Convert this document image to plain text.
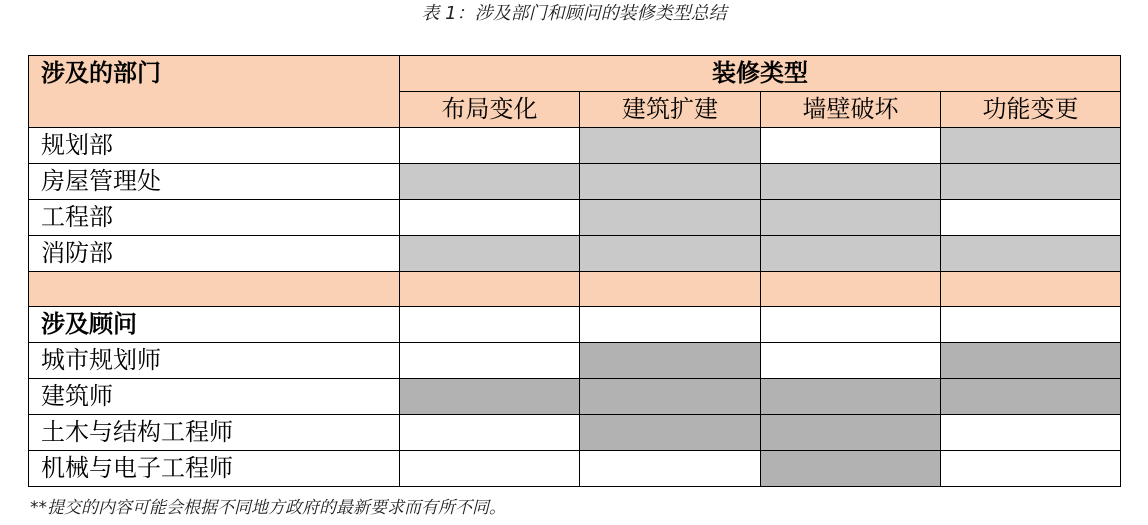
表 1：涉及部门和顾问的装修类型总结
涉及的部门	装修类型			
	布局变化	建筑扩建	墙壁破坏	功能变更
规划部				
房屋管理处				
工程部				
消防部				

涉及顾问				
城市规划师				
建筑师				
土木与结构工程师				
机械与电子工程师				
**提交的内容可能会根据不同地方政府的最新要求而有所不同。
